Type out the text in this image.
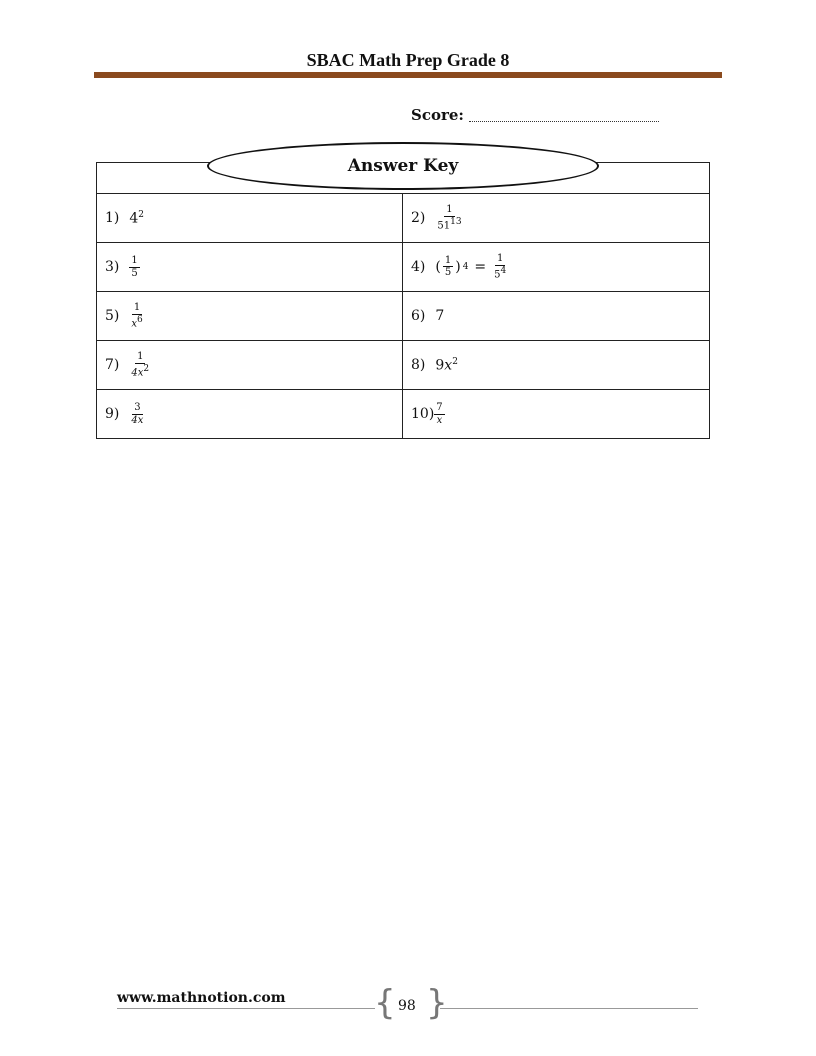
SBAC Math Prep Grade 8
Score:
1) $4^2$	$2) \frac{1}{51^{13}}$
$3) \frac{1}{5}$	4) ( $\frac{1}{5}$ ) $4 = \frac{1}{5^4}$
$5) \frac{1}{x^6}$	6) 7
$7) \frac{1}{4x^2}$	8) $9x^2$
$9) \frac{3}{4x}$	$10) \frac{7}{x}$
Answer Key
www.mathnotion.com	{ }
98
